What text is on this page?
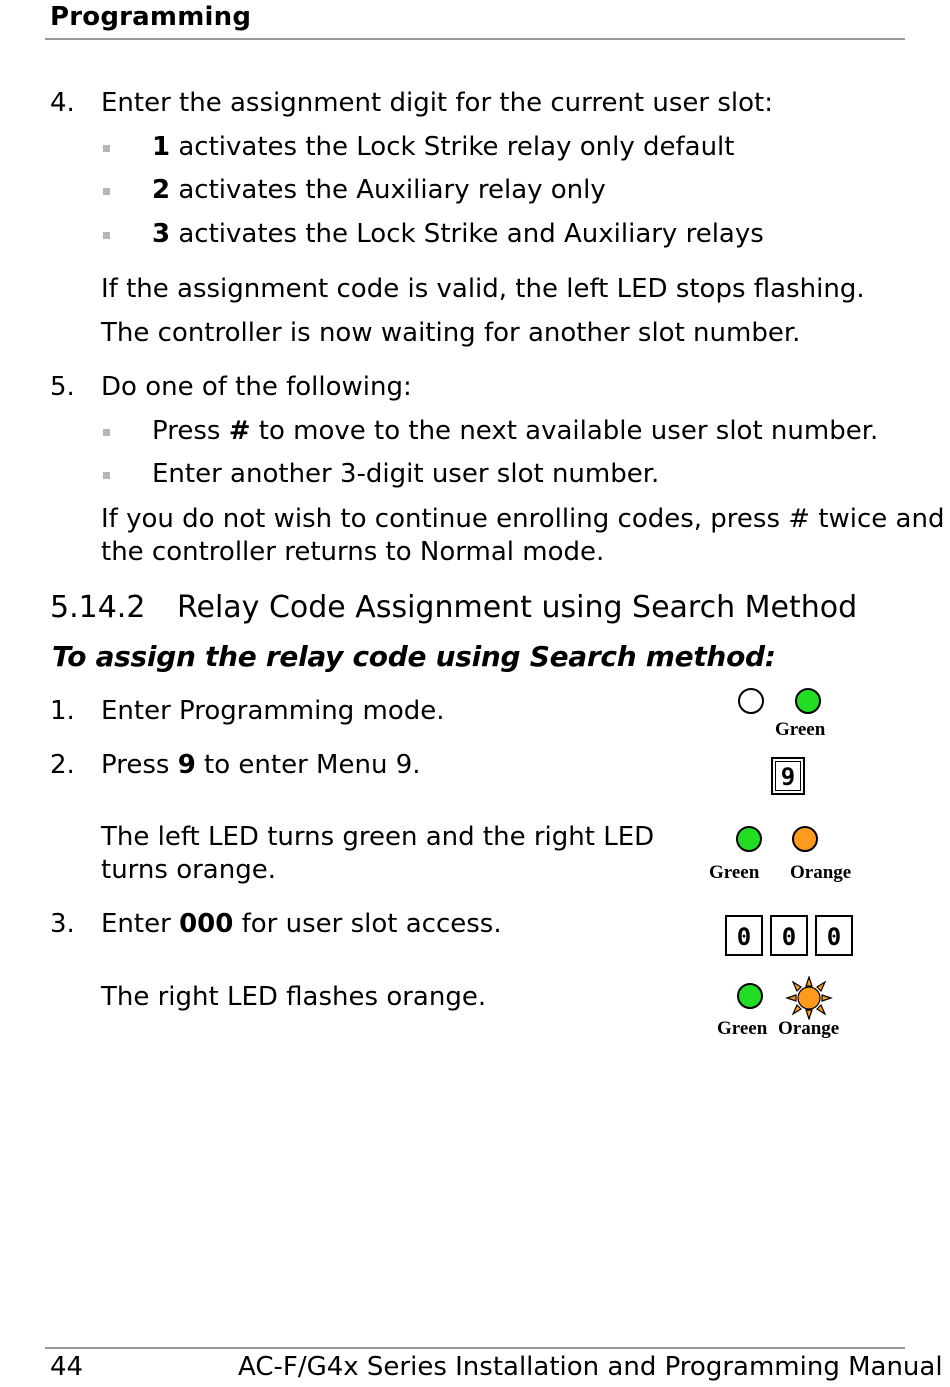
Programming
4. Enter the assignment digit for the current user slot:
1 activates the Lock Strike relay only default
2 activates the Auxiliary relay only
3 activates the Lock Strike and Auxiliary relays
If the assignment code is valid, the left LED stops flashing.
The controller is now waiting for another slot number.
5. Do one of the following:
Press # to move to the next available user slot number.
Enter another 3-digit user slot number.
If you do not wish to continue enrolling codes, press # twice and
the controller returns to Normal mode.
5.14.2 Relay Code Assignment using Search Method
To assign the relay code using Search method:
1. Enter Programming mode.
2. Press 9 to enter Menu 9.
The left LED turns green and the right LED
turns orange.
3. Enter 000 for user slot access.
The right LED flashes orange.
Green
9
Green Orange
0	0	0
Green Orange
44	AC-F/G4x Series Installation and Programming Manual
